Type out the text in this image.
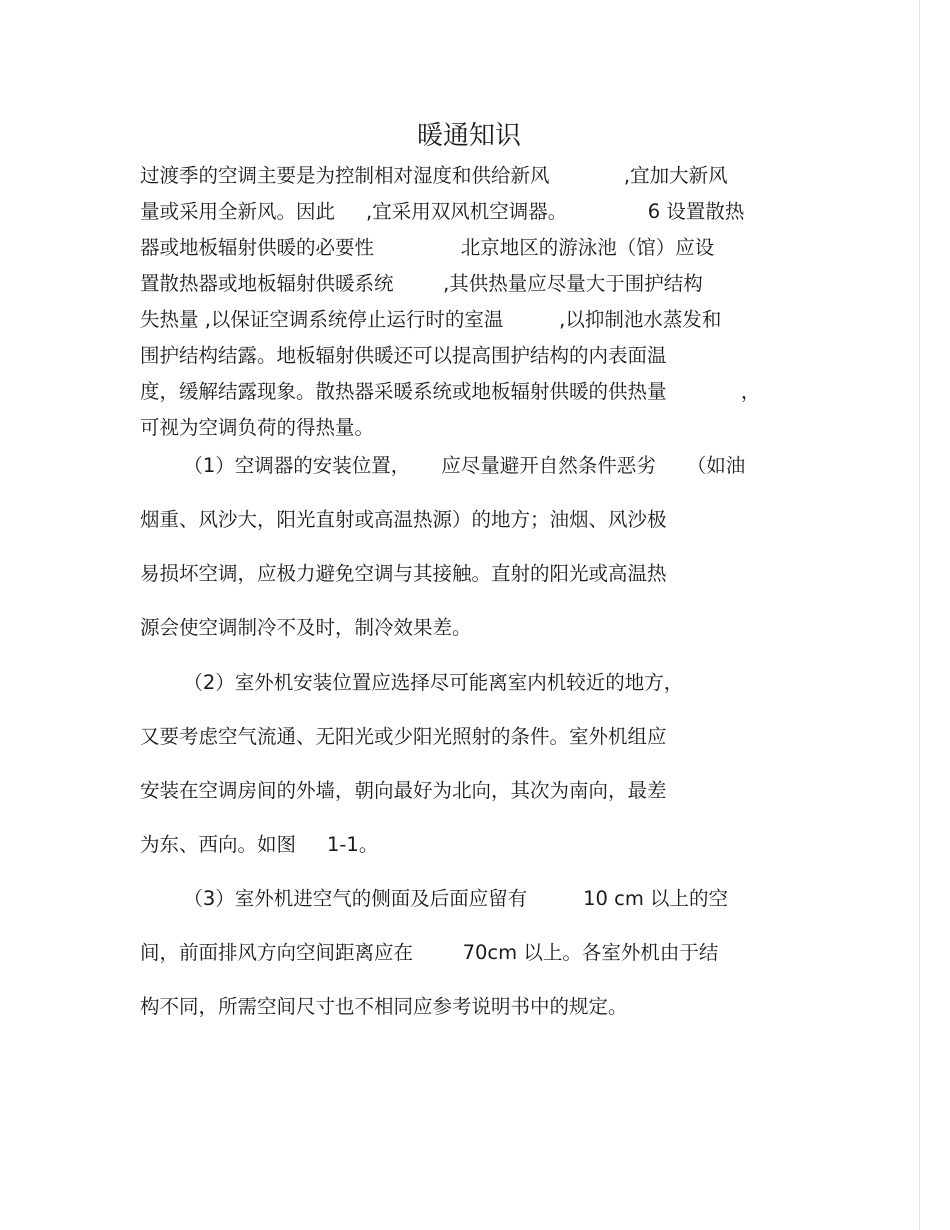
暖通知识

过渡季的空调主要是为控制相对湿度和供给新风            ,宜加大新风

量或采用全新风。因此     ,宜采用双风机空调器。             6 设置散热

器或地板辐射供暖的必要性              北京地区的游泳池（馆）应设

置散热器或地板辐射供暖系统        ,其供热量应尽量大于围护结构

失热量 ,以保证空调系统停止运行时的室温         ,以抑制池水蒸发和

围护结构结露。地板辐射供暖还可以提高围护结构的内表面温

度，缓解结露现象。散热器采暖系统或地板辐射供暖的供热量            ，

可视为空调负荷的得热量。

（1）空调器的安装位置，     应尽量避开自然条件恶劣     （如油

烟重、风沙大，阳光直射或高温热源）的地方；油烟、风沙极

易损坏空调，应极力避免空调与其接触。直射的阳光或高温热

源会使空调制冷不及时，制冷效果差。

（2）室外机安装位置应选择尽可能离室内机较近的地方，

又要考虑空气流通、无阳光或少阳光照射的条件。室外机组应

安装在空调房间的外墙，朝向最好为北向，其次为南向，最差

为东、西向。如图     1-1。

（3）室外机进空气的侧面及后面应留有         10 cm 以上的空

间，前面排风方向空间距离应在        70cm 以上。各室外机由于结

构不同，所需空间尺寸也不相同应参考说明书中的规定。
